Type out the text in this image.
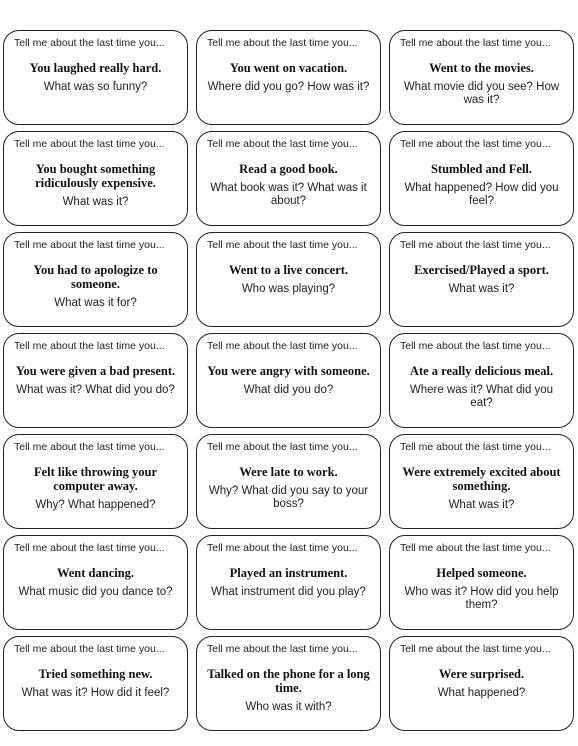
Tell me about the last time you...
You laughed really hard.
What was so funny?
Tell me about the last time you...
You went on vacation.
Where did you go? How was it?
Tell me about the last time you...
Went to the movies.
What movie did you see? How was it?
Tell me about the last time you...
You bought something ridiculously expensive.
What was it?
Tell me about the last time you...
Read a good book.
What book was it? What was it about?
Tell me about the last time you...
Stumbled and Fell.
What happened? How did you feel?
Tell me about the last time you...
You had to apologize to someone.
What was it for?
Tell me about the last time you...
Went to a live concert.
Who was playing?
Tell me about the last time you...
Exercised/Played a sport.
What was it?
Tell me about the last time you...
You were given a bad present.
What was it? What did you do?
Tell me about the last time you...
You were angry with someone.
What did you do?
Tell me about the last time you...
Ate a really delicious meal.
Where was it? What did you eat?
Tell me about the last time you...
Felt like throwing your computer away.
Why? What happened?
Tell me about the last time you...
Were late to work.
Why? What did you say to your boss?
Tell me about the last time you...
Were extremely excited about something.
What was it?
Tell me about the last time you...
Went dancing.
What music did you dance to?
Tell me about the last time you...
Played an instrument.
What instrument did you play?
Tell me about the last time you...
Helped someone.
Who was it? How did you help them?
Tell me about the last time you...
Tried something new.
What was it? How did it feel?
Tell me about the last time you...
Talked on the phone for a long time.
Who was it with?
Tell me about the last time you...
Were surprised.
What happened?
